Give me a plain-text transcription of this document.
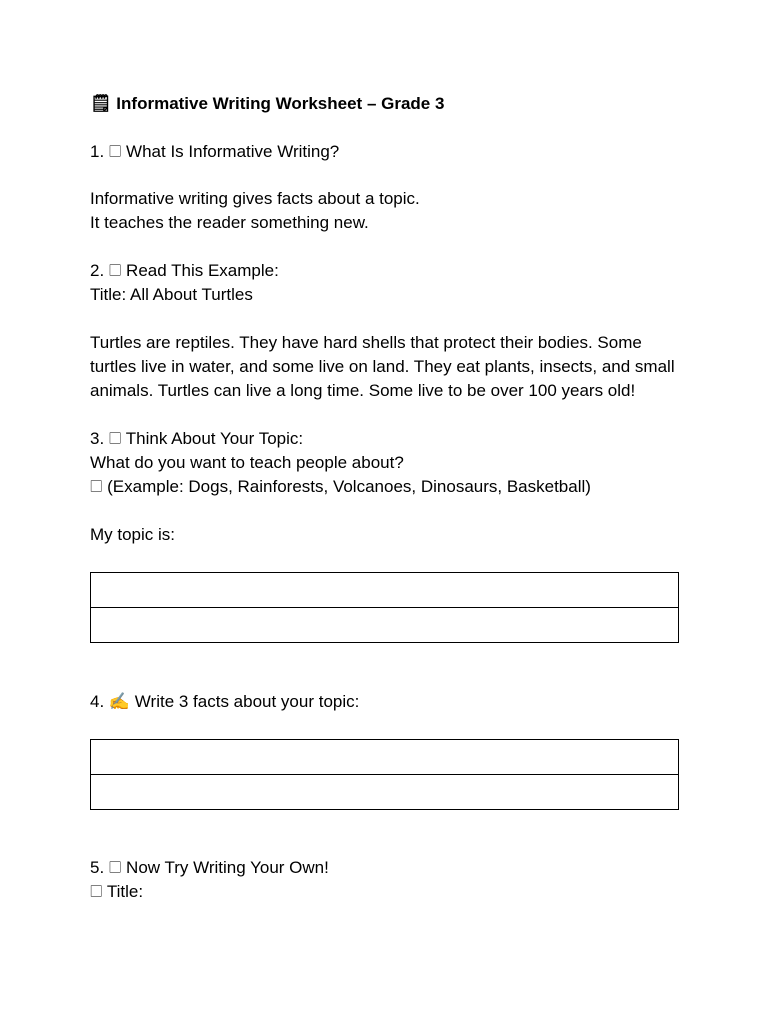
🗒 Informative Writing Worksheet – Grade 3
1. 🗆 What Is Informative Writing?
Informative writing gives facts about a topic.
It teaches the reader something new.
2. 🗆 Read This Example:
Title: All About Turtles
Turtles are reptiles. They have hard shells that protect their bodies. Some turtles live in water, and some live on land. They eat plants, insects, and small animals. Turtles can live a long time. Some live to be over 100 years old!
3. 🗆 Think About Your Topic:
What do you want to teach people about?
🗆 (Example: Dogs, Rainforests, Volcanoes, Dinosaurs, Basketball)
My topic is:
4. ✍ Write 3 facts about your topic:
5. 🗆 Now Try Writing Your Own!
🗆 Title:
